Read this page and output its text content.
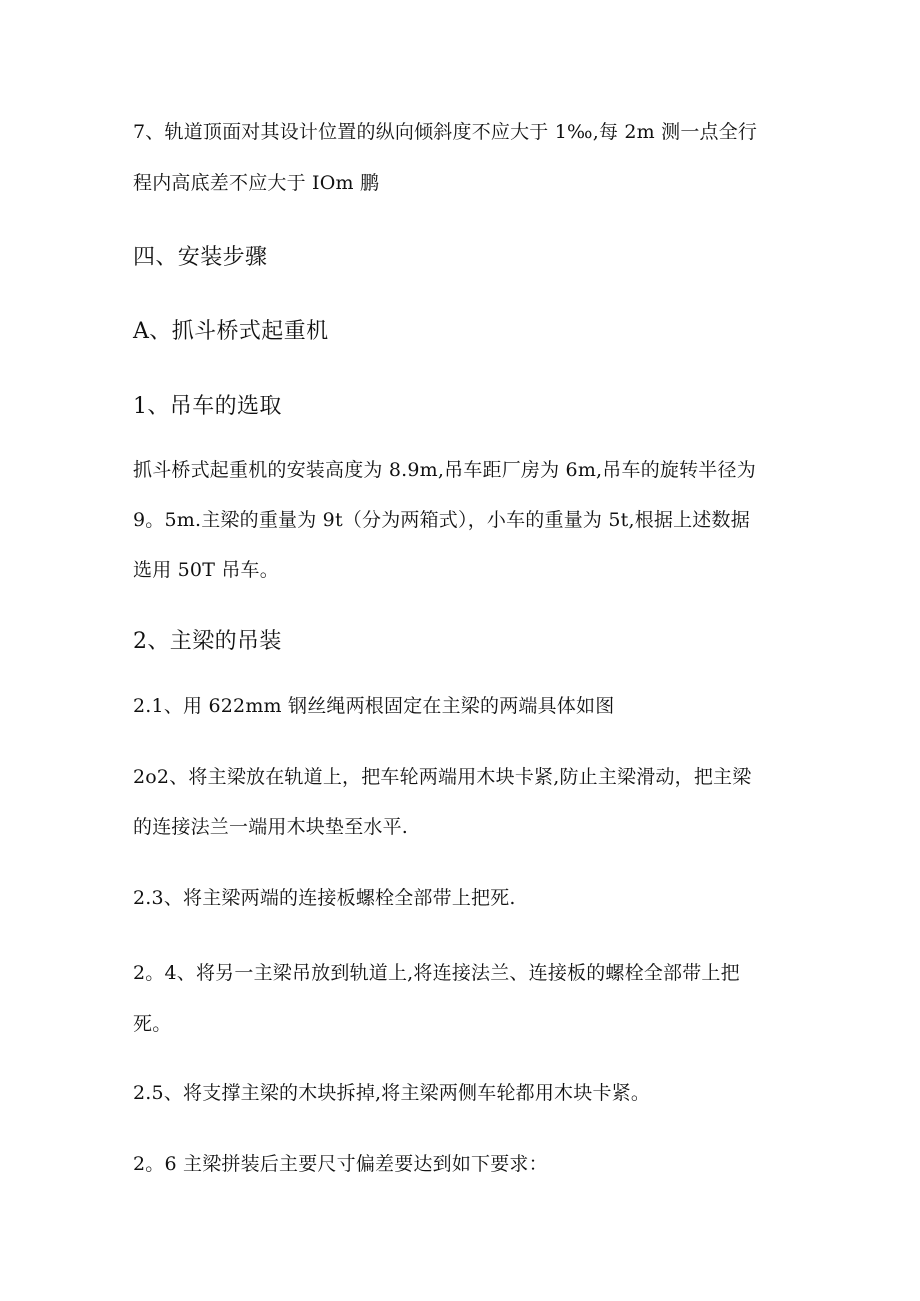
7、轨道顶面对其设计位置的纵向倾斜度不应大于 1‰,每 2m 测一点全行
程内高底差不应大于 IOm 鹏
四、安装步骤
A、抓斗桥式起重机
1、吊车的选取
抓斗桥式起重机的安装高度为 8.9m,吊车距厂房为 6m,吊车的旋转半径为
9。5m.主梁的重量为 9t（分为两箱式），小车的重量为 5t,根据上述数据
选用 50T 吊车。
2、主梁的吊装
2.1、用 622mm 钢丝绳两根固定在主梁的两端具体如图
2o2、将主梁放在轨道上，把车轮两端用木块卡紧,防止主梁滑动，把主梁
的连接法兰一端用木块垫至水平.
2.3、将主梁两端的连接板螺栓全部带上把死.
2。4、将另一主梁吊放到轨道上,将连接法兰、连接板的螺栓全部带上把
死。
2.5、将支撑主梁的木块拆掉,将主梁两侧车轮都用木块卡紧。
2。6 主梁拼装后主要尺寸偏差要达到如下要求：
